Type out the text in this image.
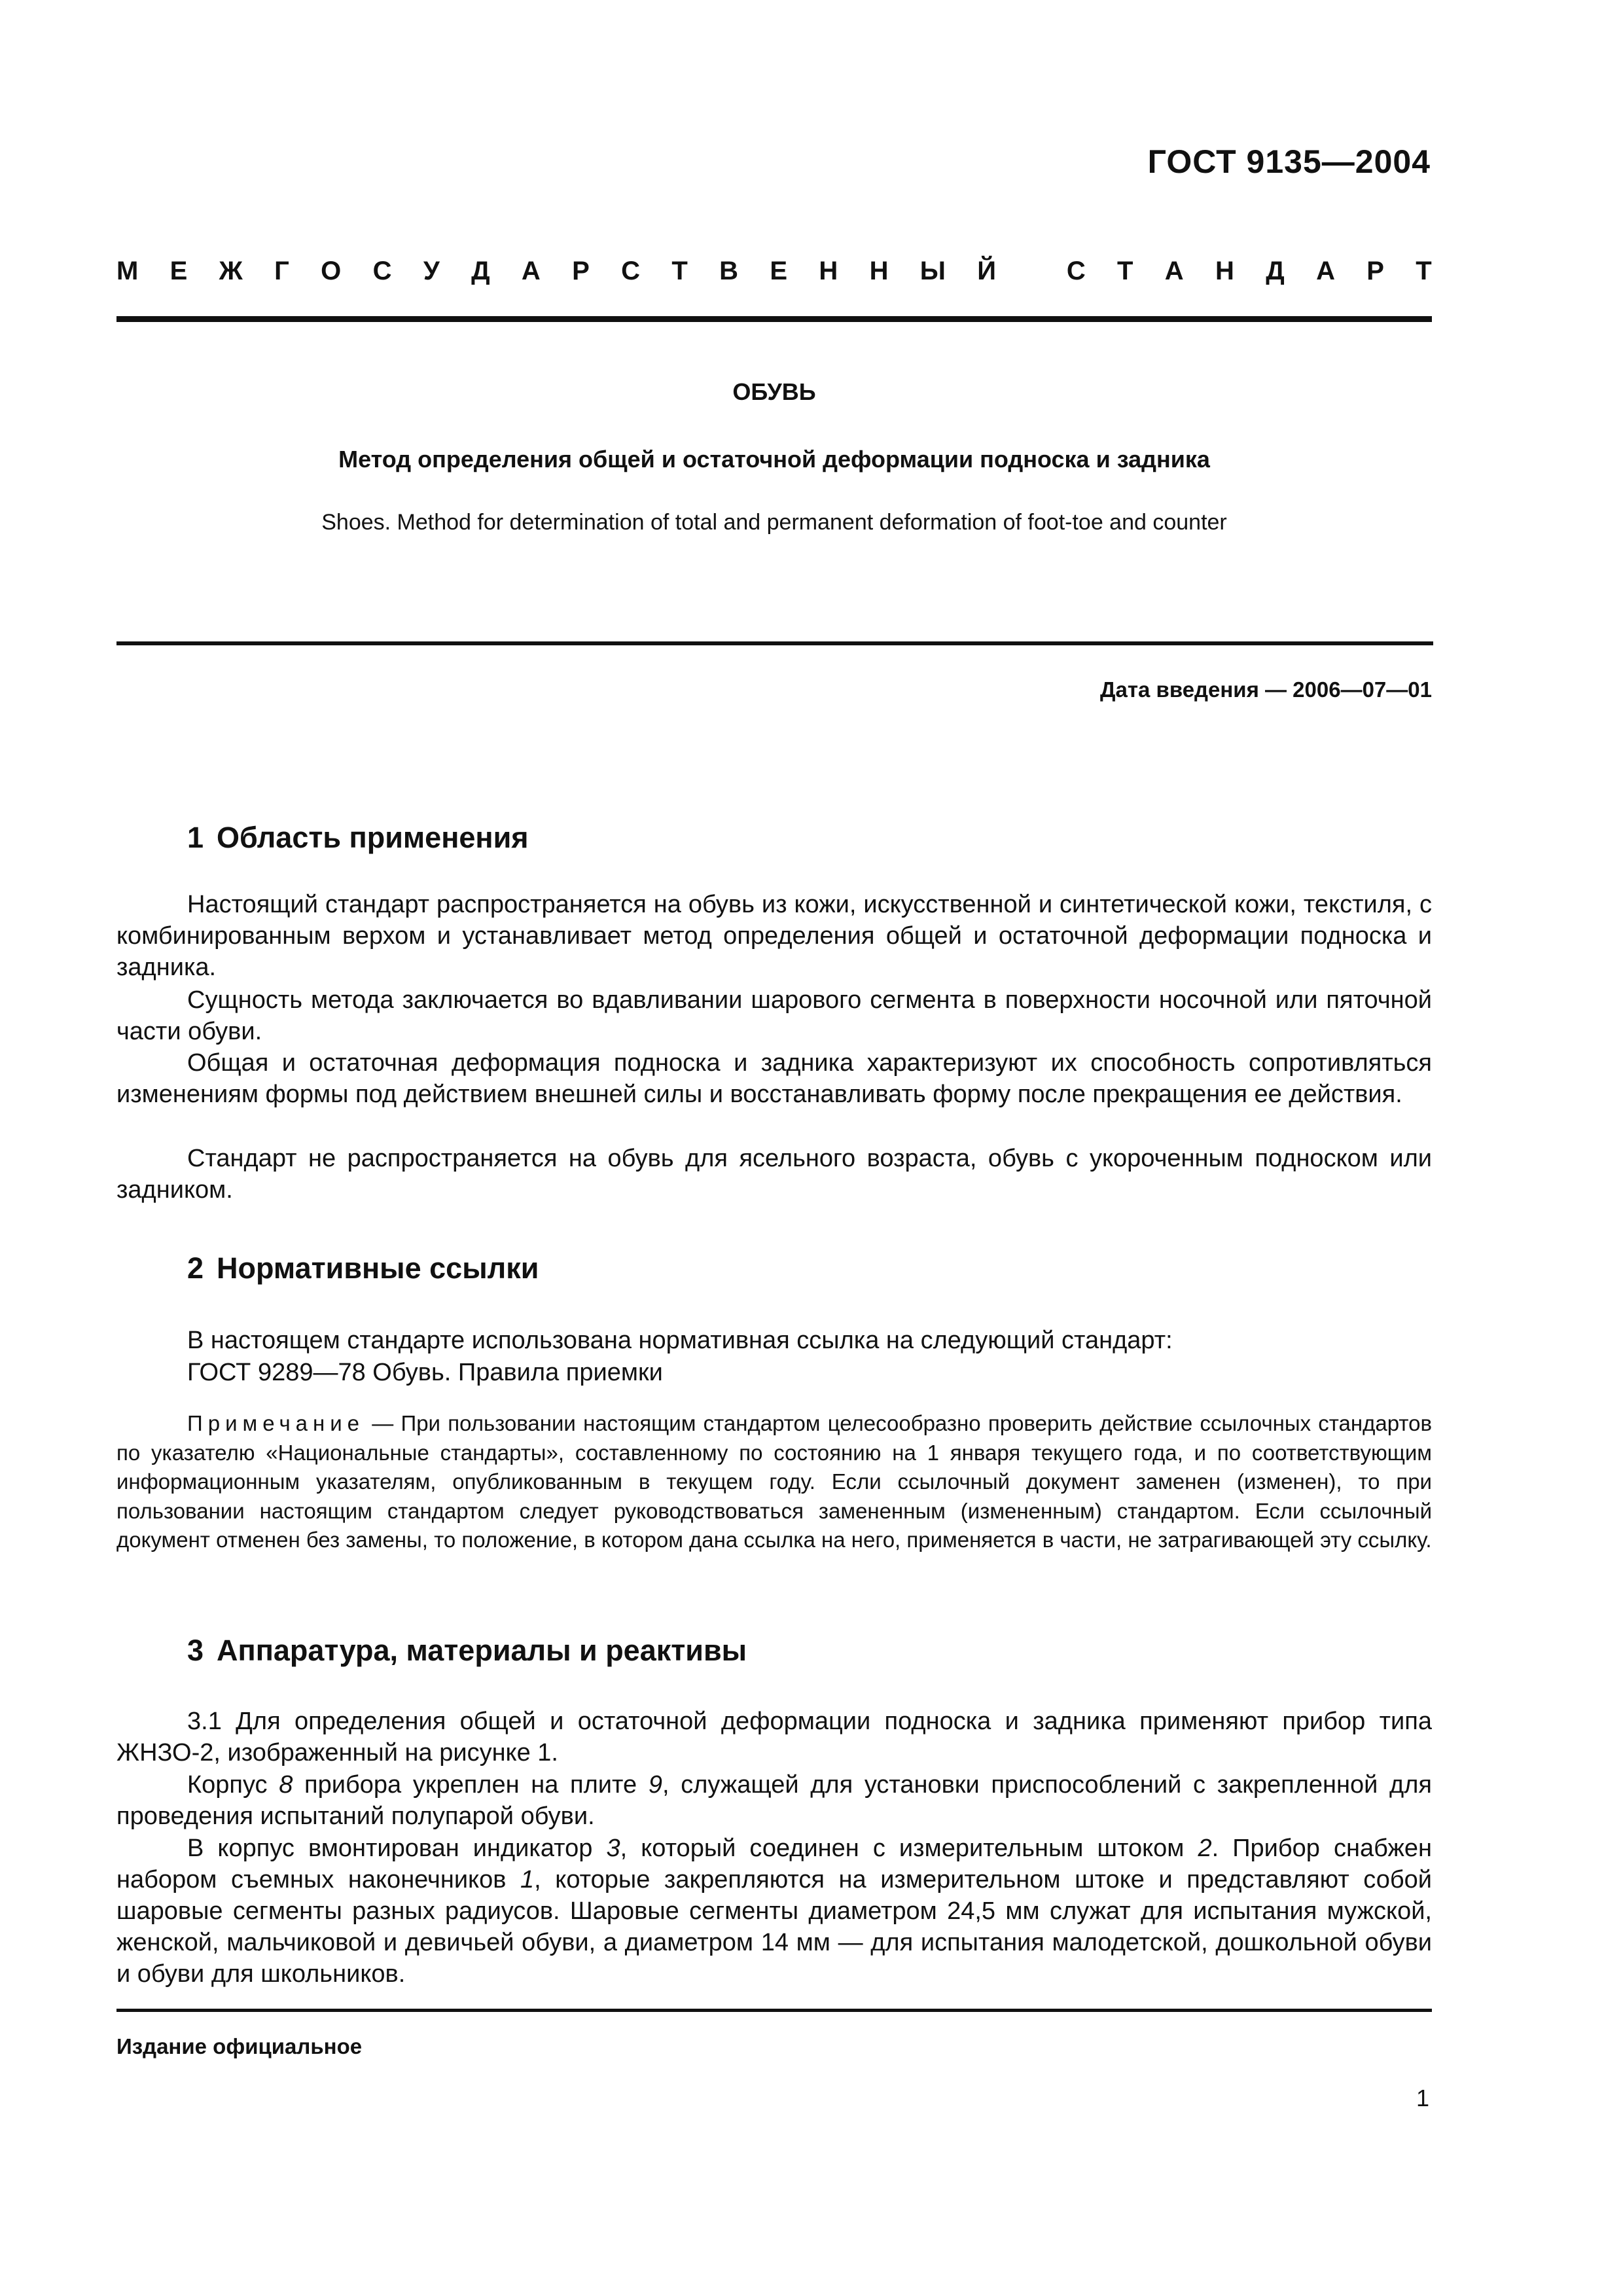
ГОСТ 9135—2004
М Е Ж Г О С У Д А Р С Т В Е Н Н Ы Й
	С Т А Н Д А Р Т
ОБУВЬ
Метод определения общей и остаточной деформации подноска и задника
Shoes. Method for determination of total and permanent deformation of foot-toe and counter
Дата введения — 2006—07—01
1 Область применения
Настоящий стандарт распространяется на обувь из кожи, искусственной и синтетической кожи, текстиля, с комбинированным верхом и устанавливает метод определения общей и остаточной деформации подноска и задника.
Сущность метода заключается во вдавливании шарового сегмента в поверхности носочной или пяточной части обуви.
Общая и остаточная деформация подноска и задника характеризуют их способность сопротивляться изменениям формы под действием внешней силы и восстанавливать форму после прекращения ее действия.
Стандарт не распространяется на обувь для ясельного возраста, обувь с укороченным подноском или задником.
2 Нормативные ссылки
В настоящем стандарте использована нормативная ссылка на следующий стандарт:
ГОСТ 9289—78 Обувь. Правила приемки
Примечание — При пользовании настоящим стандартом целесообразно проверить действие ссылочных стандартов по указателю «Национальные стандарты», составленному по состоянию на 1 января текущего года, и по соответствующим информационным указателям, опубликованным в текущем году. Если ссылочный документ заменен (изменен), то при пользовании настоящим стандартом следует руководствоваться замененным (измененным) стандартом. Если ссылочный документ отменен без замены, то положение, в котором дана ссылка на него, применяется в части, не затрагивающей эту ссылку.
3 Аппаратура, материалы и реактивы
3.1 Для определения общей и остаточной деформации подноска и задника применяют прибор типа ЖНЗО-2, изображенный на рисунке 1.
Корпус 8 прибора укреплен на плите 9, служащей для установки приспособлений с закрепленной для проведения испытаний полупарой обуви.
В корпус вмонтирован индикатор 3, который соединен с измерительным штоком 2. Прибор снабжен набором съемных наконечников 1, которые закрепляются на измерительном штоке и представляют собой шаровые сегменты разных радиусов. Шаровые сегменты диаметром 24,5 мм служат для испытания мужской, женской, мальчиковой и девичьей обуви, а диаметром 14 мм — для испытания малодетской, дошкольной обуви и обуви для школьников.
Издание официальное
1
